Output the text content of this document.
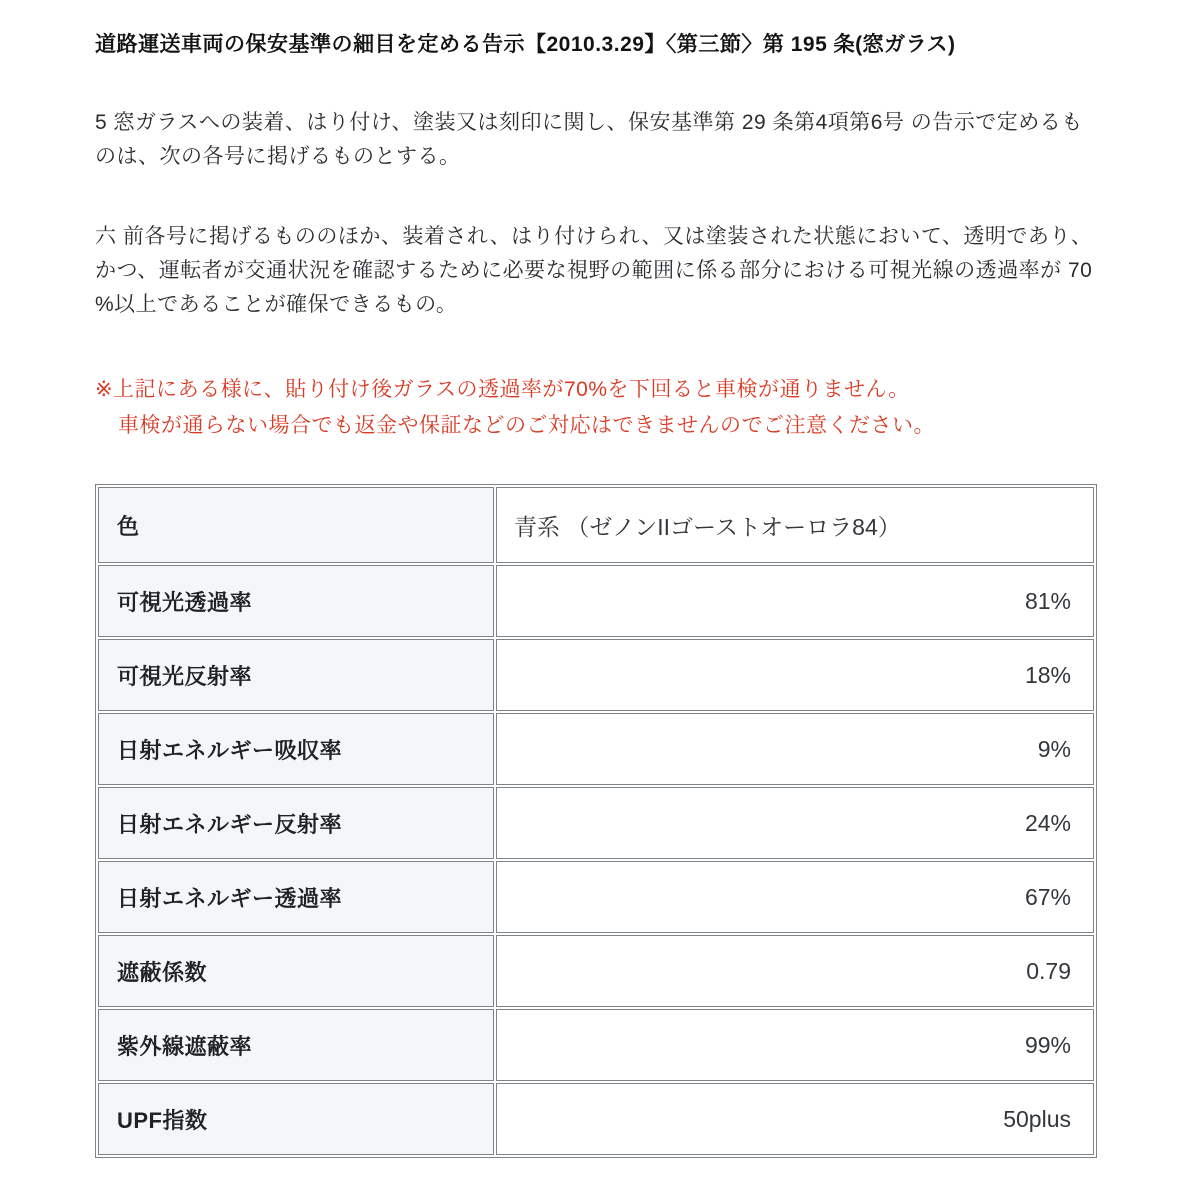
道路運送車両の保安基準の細目を定める告示【2010.3.29】〈第三節〉第 195 条(窓ガラス)

5 窓ガラスへの装着、はり付け、塗装又は刻印に関し、保安基準第 29 条第4項第6号 の告示で定めるものは、次の各号に掲げるものとする。

六 前各号に掲げるもののほか、装着され、はり付けられ、又は塗装された状態において、透明であり、かつ、運転者が交通状況を確認するために必要な視野の範囲に係る部分における可視光線の透過率が 70 %以上であることが確保できるもの。

※上記にある様に、貼り付け後ガラスの透過率が70%を下回ると車検が通りません。
車検が通らない場合でも返金や保証などのご対応はできませんのでご注意ください。
色	青系 （ゼノンIIゴーストオーロラ84）
可視光透過率	81%
可視光反射率	18%
日射エネルギー吸収率	9%
日射エネルギー反射率	24%
日射エネルギー透過率	67%
遮蔽係数	0.79
紫外線遮蔽率	99%
UPF指数	50plus
